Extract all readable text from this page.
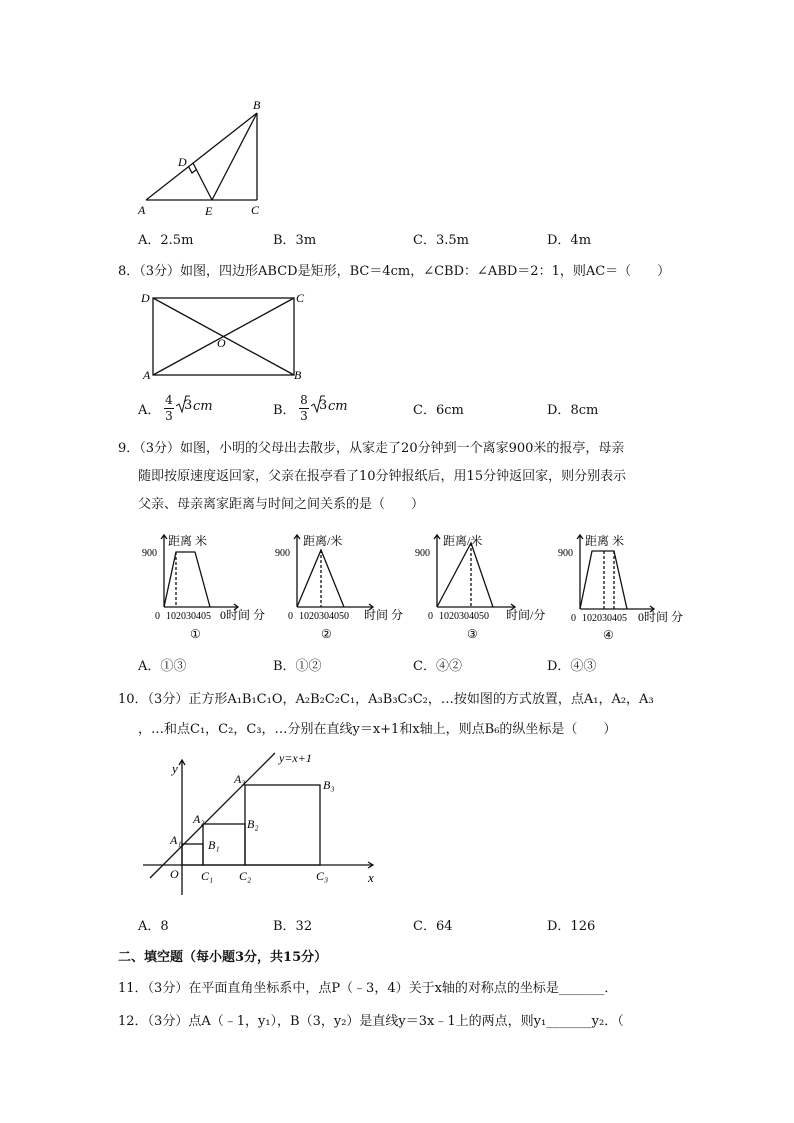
B
D
A	E	C
A．2.5m	B．3m	C．3.5m	D．4m
8．（3分）如图，四边形ABCD是矩形，BC＝4cm，∠CBD：∠ABD＝2：1，则AC＝（　　）
D	C
O
A	B
A．
4
3
3 cm	B．
8
3
3 cm	C．6cm	D．8cm
9．（3分）如图，小明的父母出去散步，从家走了20分钟到一个离家900米的报亭，母亲
随即按原速度返回家，父亲在报亭看了10分钟报纸后，用15分钟返回家，则分别表示
父亲、母亲离家距离与时间之间关系的是（　　）
距离 米
900
0 102030405 0时间 分
①
距离/米
900
0 1020304050 时间 分
②
距离/米
900
0 1020304050 时间/分
③
距离 米
900
0 102030405 0时间 分
④
A．①③	B．①②	C．④②	D．④③
10．（3分）正方形A₁B₁C₁O，A₂B₂C₂C₁，A₃B₃C₃C₂，…按如图的方式放置，点A₁，A₂，A₃
，…和点C₁，C₂，C₃，…分别在直线y＝x+1和x轴上，则点B₆的纵坐标是（　　）
y
y=x+1
A₃	B₃
A₂	B₂
A₁ B₁
O C₁ C₂	C₃	x
A．8	B．32	C．64	D．126
二、填空题（每小题3分，共15分）
11．（3分）在平面直角坐标系中，点P（﹣3，4）关于x轴的对称点的坐标是_______．
12．（3分）点A（﹣1，y₁），B（3，y₂）是直线y＝3x﹣1上的两点，则y₁_______y₂．（
